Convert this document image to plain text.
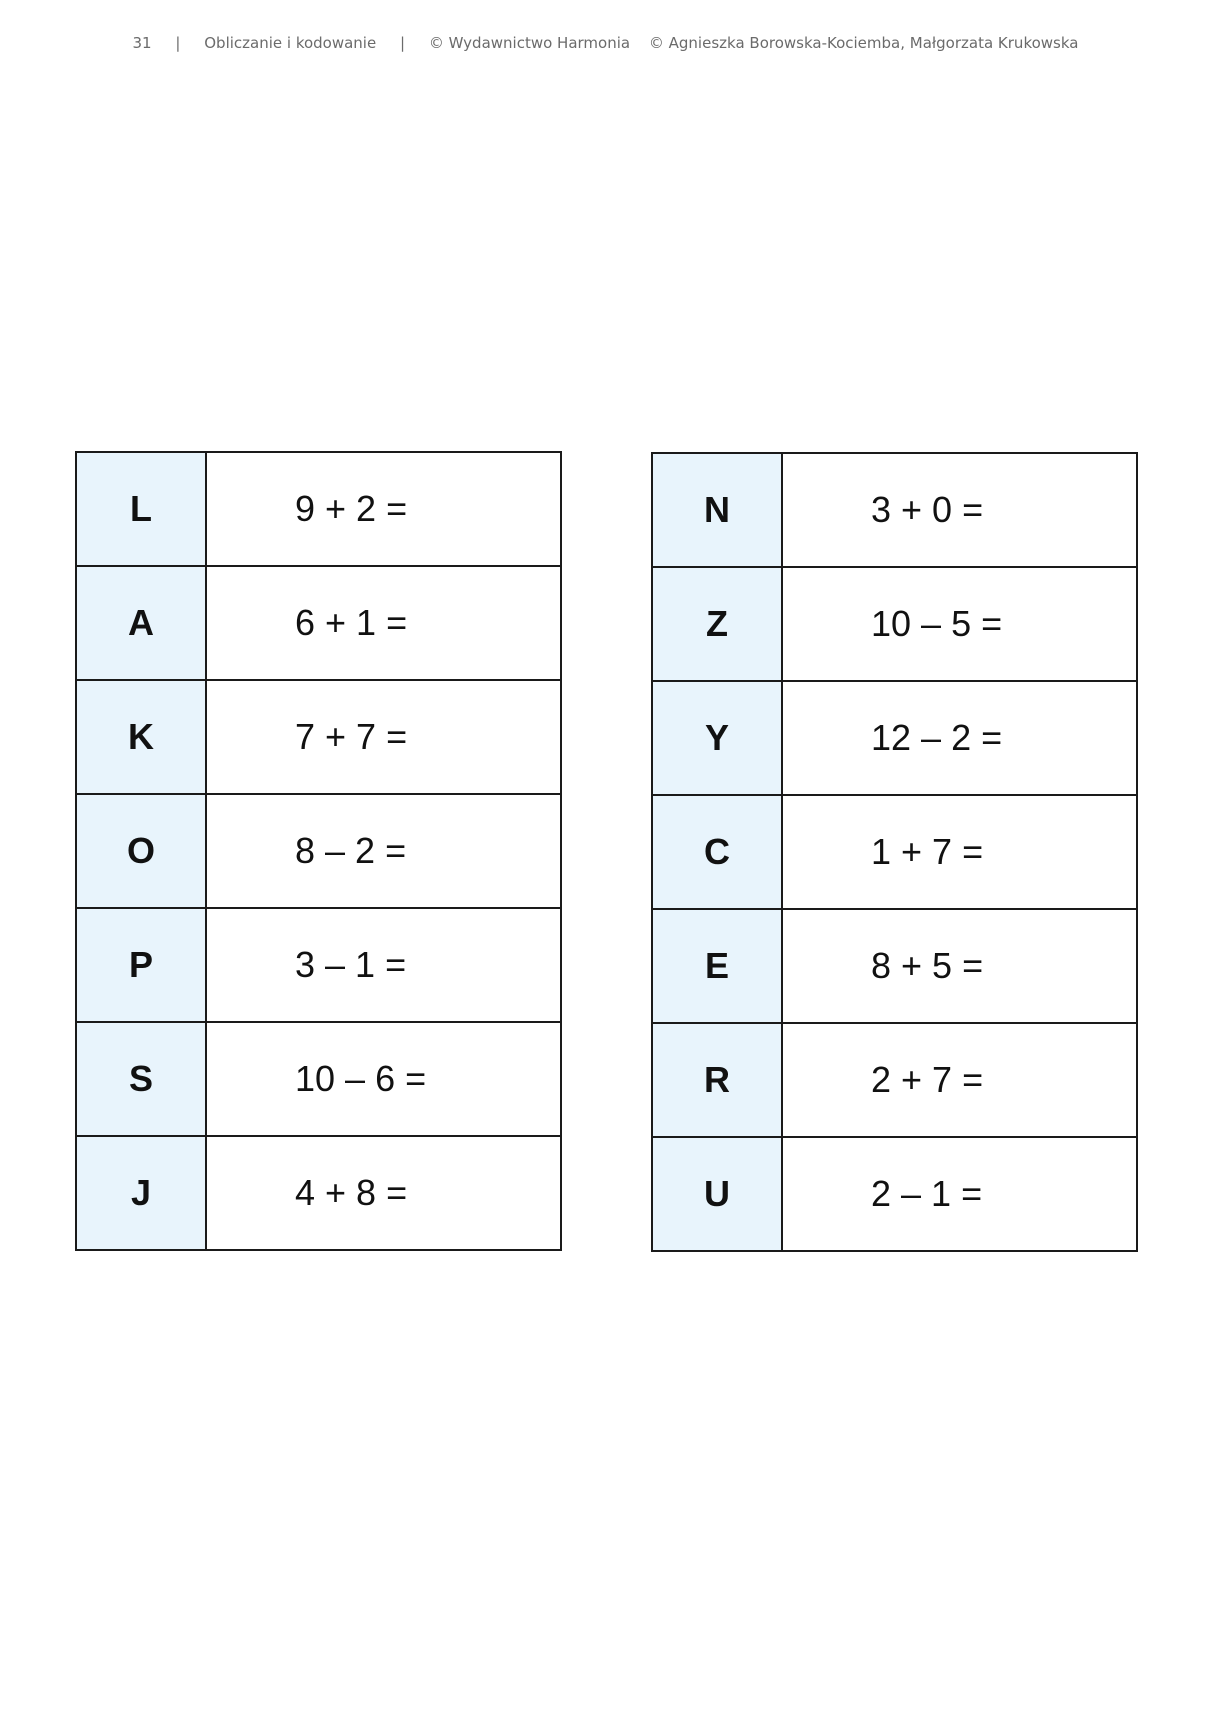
31 | Obliczanie i kodowanie | © Wydawnictwo Harmonia © Agnieszka Borowska-Kociemba, Małgorzata Krukowska
L	9 + 2 =
A	6 + 1 =
K	7 + 7 =
O	8 – 2 =
P	3 – 1 =
S	10 – 6 =
J	4 + 8 =
N	3 + 0 =
Z	10 – 5 =
Y	12 – 2 =
C	1 + 7 =
E	8 + 5 =
R	2 + 7 =
U	2 – 1 =
